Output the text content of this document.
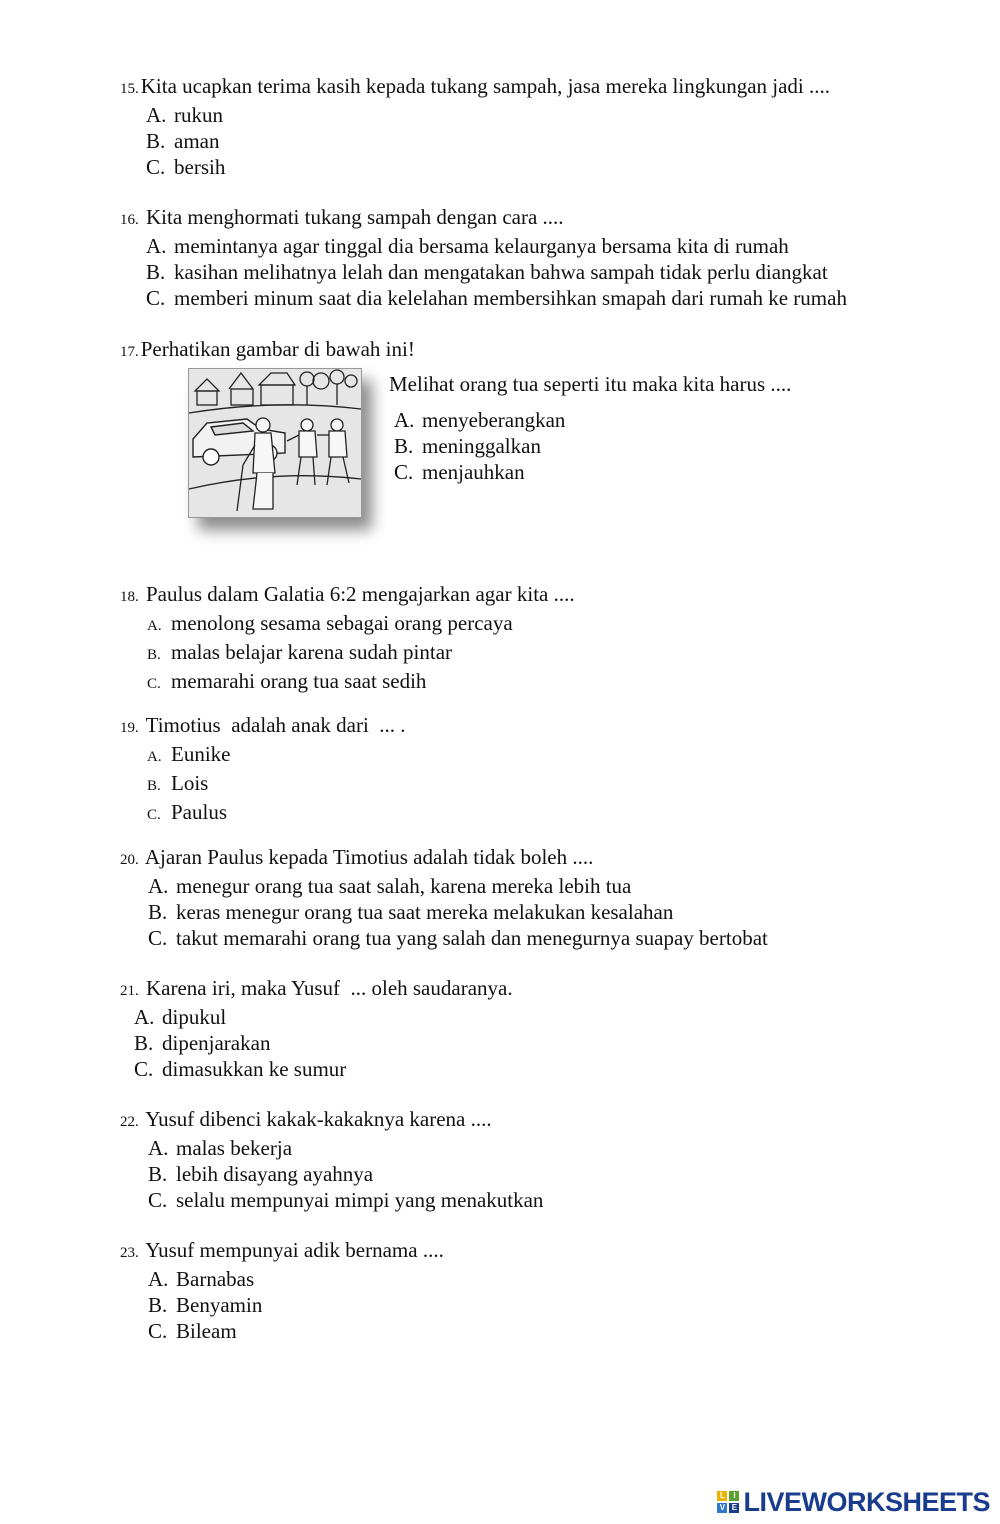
15.Kita ucapkan terima kasih kepada tukang sampah, jasa mereka lingkungan jadi ....
A. rukun
B. aman
C. bersih
16. Kita menghormati tukang sampah dengan cara ....
A. memintanya agar tinggal dia bersama kelaurganya bersama kita di rumah
B. kasihan melihatnya lelah dan mengatakan bahwa sampah tidak perlu diangkat
C. memberi minum saat dia kelelahan membersihkan smapah dari rumah ke rumah
17.Perhatikan gambar di bawah ini!
Melihat orang tua seperti itu maka kita harus ....
A. menyeberangkan
B. meninggalkan
C. menjauhkan
18. Paulus dalam Galatia 6:2 mengajarkan agar kita ....
A. menolong sesama sebagai orang percaya
B. malas belajar karena sudah pintar
C. memarahi orang tua saat sedih
19. Timotius  adalah anak dari  ... .
A. Eunike
B. Lois
C. Paulus
20. Ajaran Paulus kepada Timotius adalah tidak boleh ....
A. menegur orang tua saat salah, karena mereka lebih tua
B. keras menegur orang tua saat mereka melakukan kesalahan
C. takut memarahi orang tua yang salah dan menegurnya suapay bertobat
21. Karena iri, maka Yusuf  ... oleh saudaranya.
A. dipukul
B. dipenjarakan
C. dimasukkan ke sumur
22. Yusuf dibenci kakak-kakaknya karena ....
A. malas bekerja
B. lebih disayang ayahnya
C. selalu mempunyai mimpi yang menakutkan
23. Yusuf mempunyai adik bernama ....
A. Barnabas
B. Benyamin
C. Bileam
L	I
V E LIVEWORKSHEETS
